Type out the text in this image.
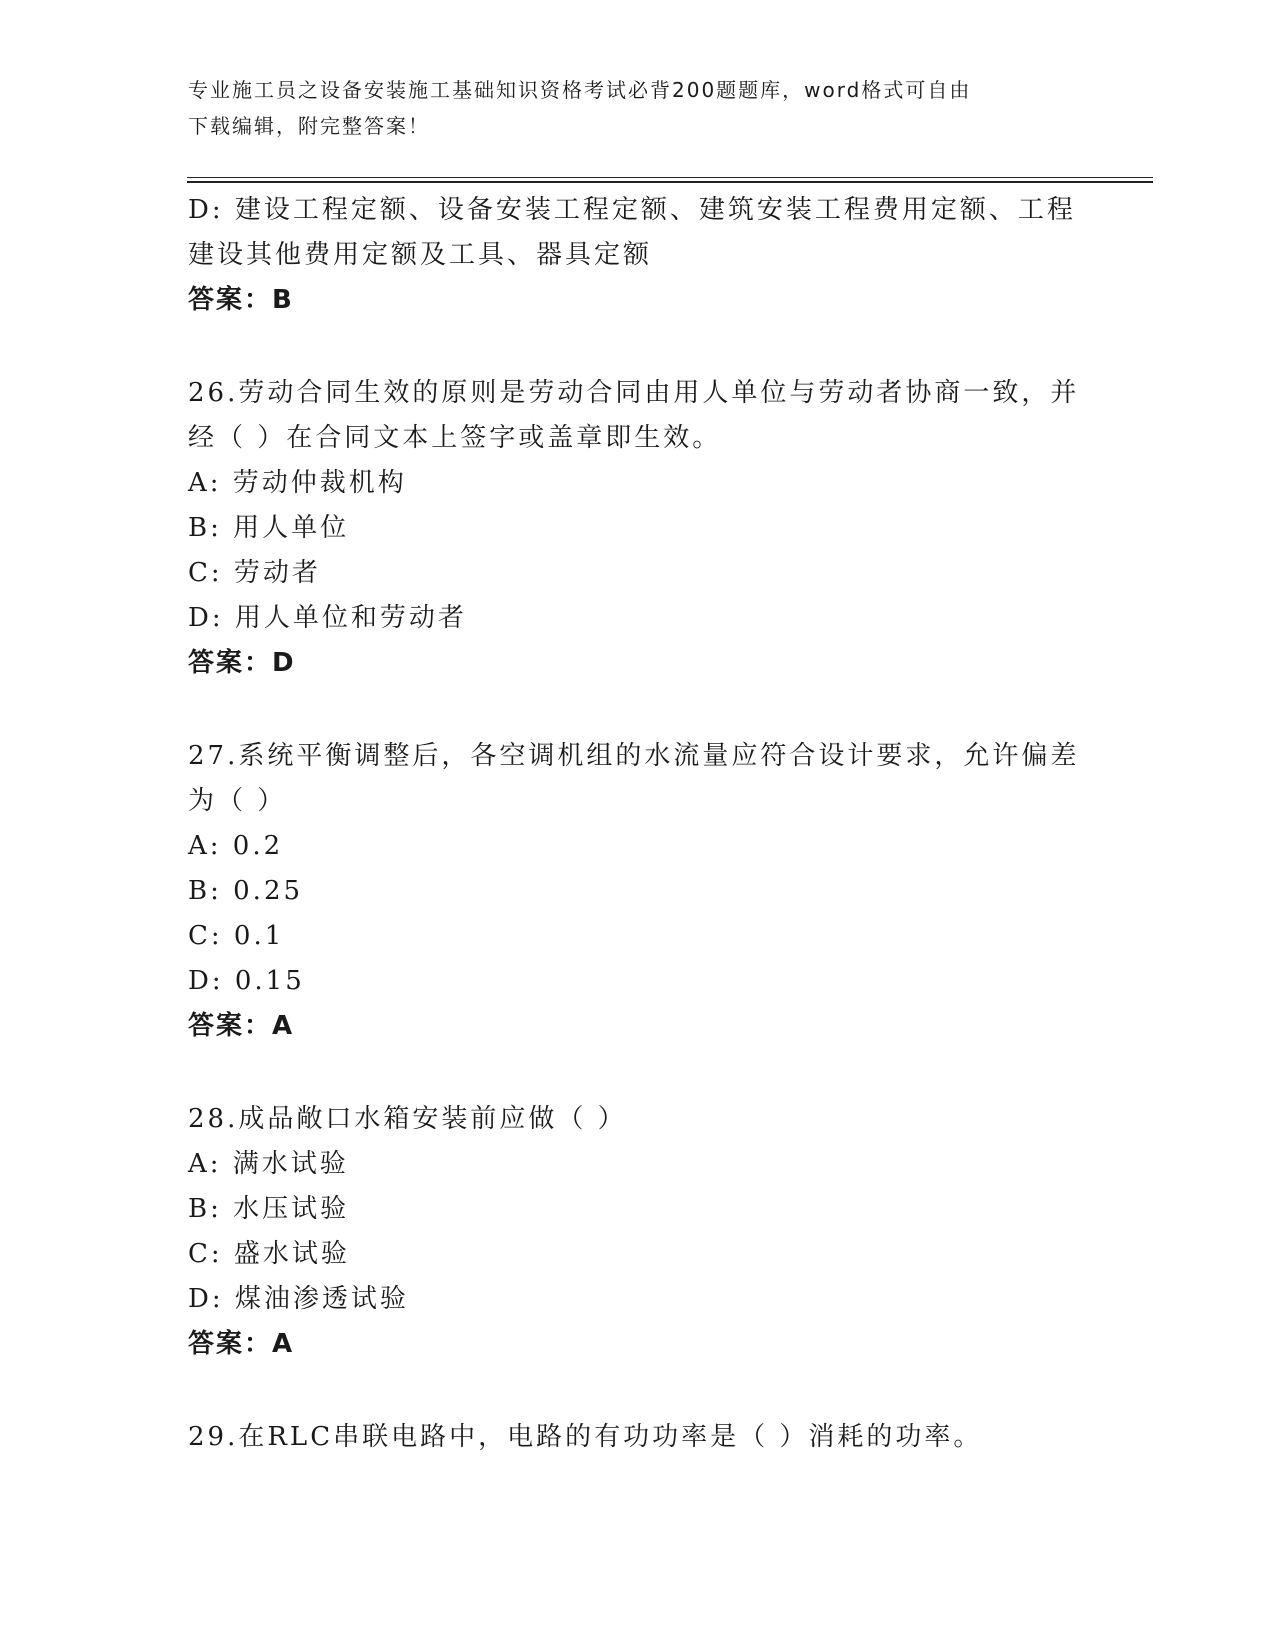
专业施工员之设备安装施工基础知识资格考试必背200题题库，word格式可自由
下载编辑，附完整答案！
D: 建设工程定额、设备安装工程定额、建筑安装工程费用定额、工程
建设其他费用定额及工具、器具定额
答案：B
26.劳动合同生效的原则是劳动合同由用人单位与劳动者协商一致，并
经（ ）在合同文本上签字或盖章即生效。
A: 劳动仲裁机构
B: 用人单位
C: 劳动者
D: 用人单位和劳动者
答案：D
27.系统平衡调整后，各空调机组的水流量应符合设计要求，允许偏差
为（ ）
A: 0.2
B: 0.25
C: 0.1
D: 0.15
答案：A
28.成品敞口水箱安装前应做（ ）
A: 满水试验
B: 水压试验
C: 盛水试验
D: 煤油渗透试验
答案：A
29.在RLC串联电路中，电路的有功功率是（ ）消耗的功率。
